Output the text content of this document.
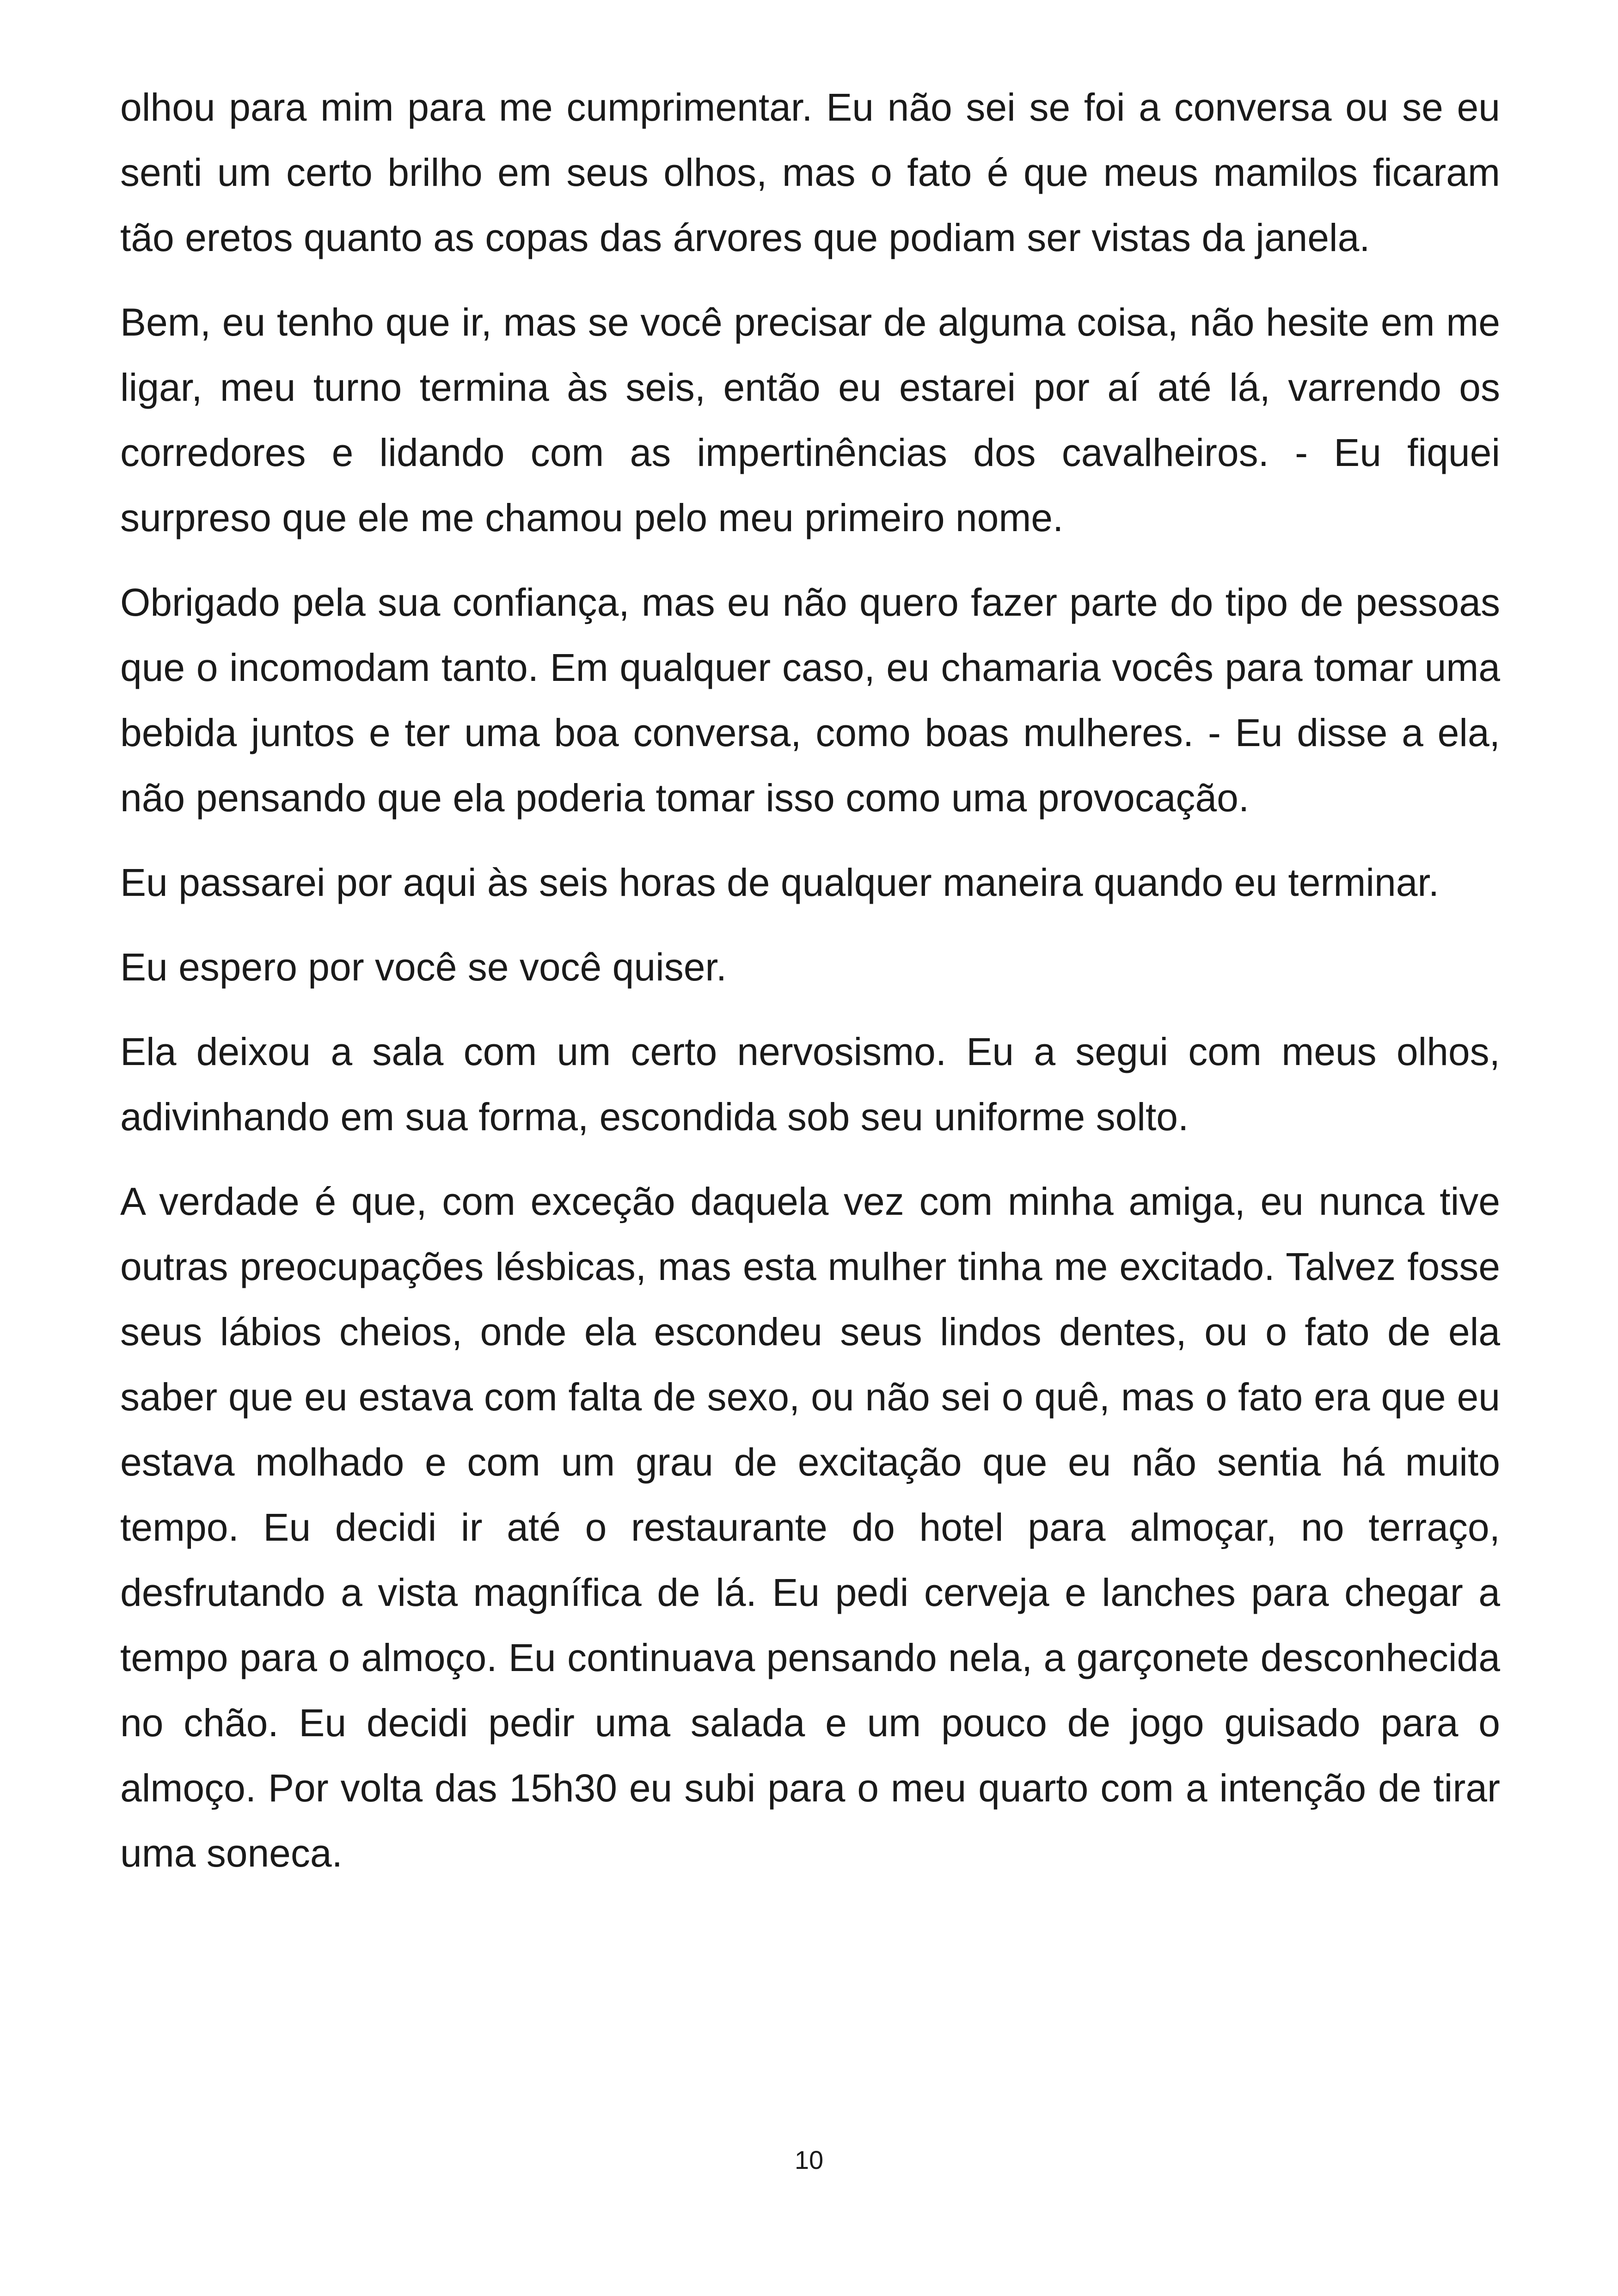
olhou para mim para me cumprimentar. Eu não sei se foi a conversa ou se eu senti um certo brilho em seus olhos, mas o fato é que meus mamilos ficaram tão eretos quanto as copas das árvores que podiam ser vistas da janela.

Bem, eu tenho que ir, mas se você precisar de alguma coisa, não hesite em me ligar, meu turno termina às seis, então eu estarei por aí até lá, varrendo os corredores e lidando com as impertinências dos cavalheiros. - Eu fiquei surpreso que ele me chamou pelo meu primeiro nome.

Obrigado pela sua confiança, mas eu não quero fazer parte do tipo de pessoas que o incomodam tanto. Em qualquer caso, eu chamaria vocês para tomar uma bebida juntos e ter uma boa conversa, como boas mulheres. - Eu disse a ela, não pensando que ela poderia tomar isso como uma provocação.

Eu passarei por aqui às seis horas de qualquer maneira quando eu terminar.

Eu espero por você se você quiser.

Ela deixou a sala com um certo nervosismo. Eu a segui com meus olhos, adivinhando em sua forma, escondida sob seu uniforme solto.

A verdade é que, com exceção daquela vez com minha amiga, eu nunca tive outras preocupações lésbicas, mas esta mulher tinha me excitado. Talvez fosse seus lábios cheios, onde ela escondeu seus lindos dentes, ou o fato de ela saber que eu estava com falta de sexo, ou não sei o quê, mas o fato era que eu estava molhado e com um grau de excitação que eu não sentia há muito tempo. Eu decidi ir até o restaurante do hotel para almoçar, no terraço, desfrutando a vista magnífica de lá. Eu pedi cerveja e lanches para chegar a tempo para o almoço. Eu continuava pensando nela, a garçonete desconhecida no chão. Eu decidi pedir uma salada e um pouco de jogo guisado para o almoço. Por volta das 15h30 eu subi para o meu quarto com a intenção de tirar uma soneca.

10
